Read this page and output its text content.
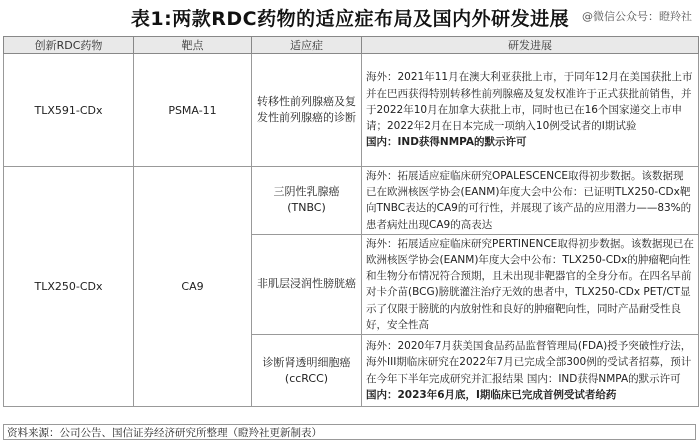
表1:两款RDC药物的适应症布局及国内外研发进展	@微信公众号：瞪羚社
创新RDC药物	靶点	适应症	研发进展
TLX591-CDx	PSMA-11	转移性前列腺癌及复发性前列腺癌的诊断	海外：2021年11月在澳大利亚获批上市，于同年12月在美国获批上市并在巴西获得特别转移性前列腺癌及复发权准许于正式获批前销售，并于2022年10月在加拿大获批上市，同时也已在16个国家递交上市申请；2022年2月在日本完成一项纳入10例受试者的I期试验
国内：IND获得NMPA的默示许可

TLX250-CDx	CA9	三阴性乳腺癌(TNBC)	海外：拓展适应症临床研究OPALESCENCE取得初步数据。该数据现已在欧洲核医学协会(EANM)年度大会中公布：已证明TLX250-CDx靶向TNBC表达的CA9的可行性，并展现了该产品的应用潜力——83%的患者病灶出现CA9的高表达

		非肌层浸润性膀胱癌	海外：拓展适应症临床研究PERTINENCE取得初步数据。该数据现已在欧洲核医学协会(EANM)年度大会中公布：TLX250-CDx的肿瘤靶向性和生物分布情况符合预期，且未出现非靶器官的全身分布。在四名早前对卡介苗(BCG)膀胱灌注治疗无效的患者中，TLX250-CDx PET/CT显示了仅限于膀胱的内放射性和良好的肿瘤靶向性，同时产品耐受性良好，安全性高

		诊断肾透明细胞癌(ccRCC)	海外：2020年7月获美国食品药品监督管理局(FDA)授予突破性疗法，海外III期临床研究在2022年7月已完成全部300例的受试者招募，预计在今年下半年完成研究并汇报结果 国内：IND获得NMPA的默示许可
国内：2023年6月底，I期临床已完成首例受试者给药
资料来源：公司公告、国信证券经济研究所整理（瞪羚社更新制表）
